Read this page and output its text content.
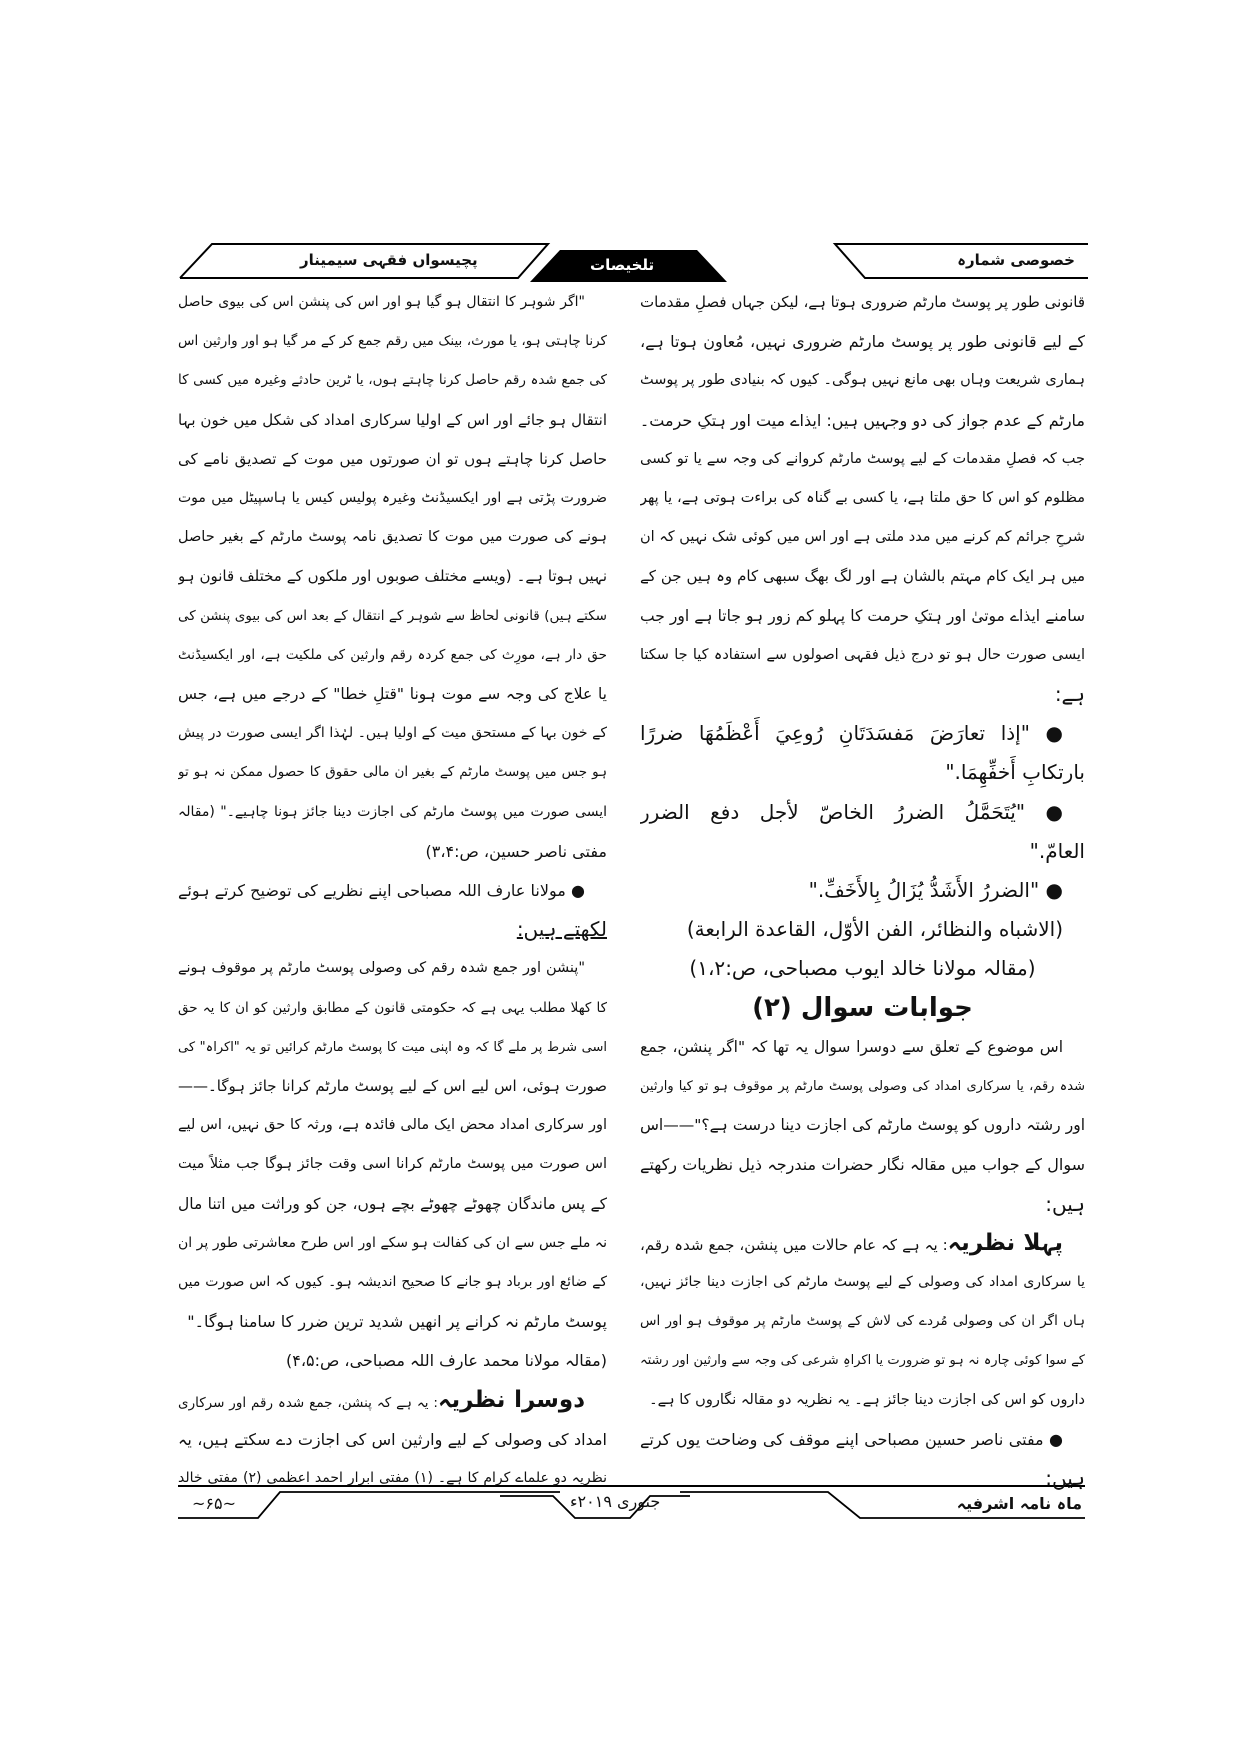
خصوصی شمارہ
تلخیصات
پچیسواں فقہی سیمینار
قانونی طور پر پوسٹ مارٹم ضروری ہوتا ہے، لیکن جہاں فصلِ مقدمات
کے لیے قانونی طور پر پوسٹ مارٹم ضروری نہیں، مُعاون ہوتا ہے،
ہماری شریعت وہاں بھی مانع نہیں ہوگی۔ کیوں کہ بنیادی طور پر پوسٹ
مارٹم کے عدم جواز کی دو وجہیں ہیں: ایذاے میت اور ہتکِ حرمت۔
جب کہ فصلِ مقدمات کے لیے پوسٹ مارٹم کروانے کی وجہ سے یا تو کسی
مظلوم کو اس کا حق ملتا ہے، یا کسی بے گناہ کی براءت ہوتی ہے، یا پھر
شرحِ جرائم کم کرنے میں مدد ملتی ہے اور اس میں کوئی شک نہیں کہ ان
میں ہر ایک کام مہتم بالشان ہے اور لگ بھگ سبھی کام وہ ہیں جن کے
سامنے ایذاے موتیٰ اور ہتکِ حرمت کا پہلو کم زور ہو جاتا ہے اور جب
ایسی صورت حال ہو تو درج ذیل فقہی اصولوں سے استفادہ کیا جا سکتا
ہے:
● "إذا تعارَضَ مَفسَدَتَانِ رُوعِيَ أَعْظَمُهَا ضررًا
بارتكابِ أَخفِّهِمَا."
● "يُتَحَمَّلُ الضررُ الخاصّ لأجل دفع الضرر
العامّ."
● "الضررُ الأَشَدُّ يُزَالُ بِالأَخَفِّ."
(الاشباه والنظائر، الفن الأوّل، القاعدة الرابعة)
(مقالہ مولانا خالد ایوب مصباحی، ص:۱،۲)
جوابات سوال (۲)
اس موضوع کے تعلق سے دوسرا سوال یہ تھا کہ "اگر پنشن، جمع
شدہ رقم، یا سرکاری امداد کی وصولی پوسٹ مارٹم پر موقوف ہو تو کیا وارثین
اور رشتہ داروں کو پوسٹ مارٹم کی اجازت دینا درست ہے؟"——اس
سوال کے جواب میں مقالہ نگار حضرات مندرجہ ذیل نظریات رکھتے
ہیں:
پہلا نظریہ: یہ ہے کہ عام حالات میں پنشن، جمع شدہ رقم،
یا سرکاری امداد کی وصولی کے لیے پوسٹ مارٹم کی اجازت دینا جائز نہیں،
ہاں اگر ان کی وصولی مُردے کی لاش کے پوسٹ مارٹم پر موقوف ہو اور اس
کے سوا کوئی چارہ نہ ہو تو ضرورت یا اکراہِ شرعی کی وجہ سے وارثین اور رشتہ
داروں کو اس کی اجازت دینا جائز ہے۔ یہ نظریہ دو مقالہ نگاروں کا ہے۔
● مفتی ناصر حسین مصباحی اپنے موقف کی وضاحت یوں کرتے
ہیں:
"اگر شوہر کا انتقال ہو گیا ہو اور اس کی پنشن اس کی بیوی حاصل
کرنا چاہتی ہو، یا مورث، بینک میں رقم جمع کر کے مر گیا ہو اور وارثین اس
کی جمع شدہ رقم حاصل کرنا چاہتے ہوں، یا ٹرین حادثے وغیرہ میں کسی کا
انتقال ہو جائے اور اس کے اولیا سرکاری امداد کی شکل میں خون بہا
حاصل کرنا چاہتے ہوں تو ان صورتوں میں موت کے تصدیق نامے کی
ضرورت پڑتی ہے اور ایکسیڈنٹ وغیرہ پولیس کیس یا ہاسپیٹل میں موت
ہونے کی صورت میں موت کا تصدیق نامہ پوسٹ مارٹم کے بغیر حاصل
نہیں ہوتا ہے۔ (ویسے مختلف صوبوں اور ملکوں کے مختلف قانون ہو
سکتے ہیں) قانونی لحاظ سے شوہر کے انتقال کے بعد اس کی بیوی پنشن کی
حق دار ہے، مورِث کی جمع کردہ رقم وارثین کی ملکیت ہے، اور ایکسیڈنٹ
یا علاج کی وجہ سے موت ہونا "قتلِ خطا" کے درجے میں ہے، جس
کے خون بہا کے مستحق میت کے اولیا ہیں۔ لہٰذا اگر ایسی صورت در پیش
ہو جس میں پوسٹ مارٹم کے بغیر ان مالی حقوق کا حصول ممکن نہ ہو تو
ایسی صورت میں پوسٹ مارٹم کی اجازت دینا جائز ہونا چاہیے۔" (مقالہ
مفتی ناصر حسین، ص:۳،۴)
● مولانا عارف اللہ مصباحی اپنے نظریے کی توضیح کرتے ہوئے
لکھتے ہیں:
"پنشن اور جمع شدہ رقم کی وصولی پوسٹ مارٹم پر موقوف ہونے
کا کھلا مطلب یہی ہے کہ حکومتی قانون کے مطابق وارثین کو ان کا یہ حق
اسی شرط پر ملے گا کہ وہ اپنی میت کا پوسٹ مارٹم کرائیں تو یہ "اکراہ" کی
صورت ہوئی، اس لیے اس کے لیے پوسٹ مارٹم کرانا جائز ہوگا۔——
اور سرکاری امداد محض ایک مالی فائدہ ہے، ورثہ کا حق نہیں، اس لیے
اس صورت میں پوسٹ مارٹم کرانا اسی وقت جائز ہوگا جب مثلاً میت
کے پس ماندگان چھوٹے چھوٹے بچے ہوں، جن کو وراثت میں اتنا مال
نہ ملے جس سے ان کی کفالت ہو سکے اور اس طرح معاشرتی طور پر ان
کے ضائع اور برباد ہو جانے کا صحیح اندیشہ ہو۔ کیوں کہ اس صورت میں
پوسٹ مارٹم نہ کرانے پر انھیں شدید ترین ضرر کا سامنا ہوگا۔"
(مقالہ مولانا محمد عارف اللہ مصباحی، ص:۴،۵)
دوسرا نظریہ: یہ ہے کہ پنشن، جمع شدہ رقم اور سرکاری
امداد کی وصولی کے لیے وارثین اس کی اجازت دے سکتے ہیں، یہ
نظریہ دو علماے کرام کا ہے۔ (۱) مفتی ابرار احمد اعظمی (۲) مفتی خالد
ماہ نامہ اشرفیہ
جنوری ۲۰۱۹ء
~۶۵~
